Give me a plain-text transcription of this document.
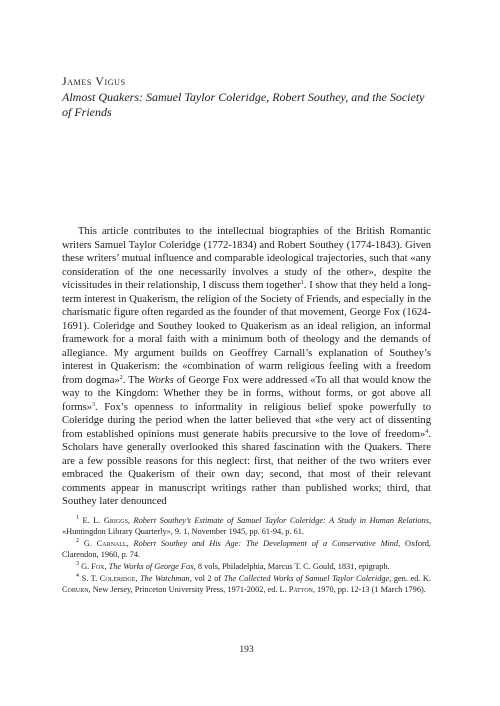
James Vigus
Almost Quakers: Samuel Taylor Coleridge, Robert Southey, and the Society of Friends

This article contributes to the intellectual biographies of the British Romantic writers Samuel Taylor Coleridge (1772-1834) and Robert Southey (1774-1843). Given these writers’ mutual influence and comparable ideological trajectories, such that «any consideration of the one necessarily involves a study of the other», despite the vicissitudes in their relationship, I discuss them together$^1$. I show that they held a long-term interest in Quakerism, the religion of the Society of Friends, and especially in the charismatic figure often regarded as the founder of that movement, George Fox (1624-1691). Coleridge and Southey looked to Quakerism as an ideal religion, an informal framework for a moral faith with a minimum both of theology and the demands of allegiance. My argument builds on Geoffrey Carnall’s explanation of Southey’s interest in Quakerism: the «combination of warm religious feeling with a freedom from dogma»$^2$. The Works of George Fox were addressed «To all that would know the way to the Kingdom: Whether they be in forms, without forms, or got above all forms»$^3$. Fox’s openness to informality in religious belief spoke powerfully to Coleridge during the period when the latter believed that «the very act of dissenting from established opinions must generate habits precursive to the love of freedom»$^4$. Scholars have generally overlooked this shared fascination with the Quakers. There are a few possible reasons for this neglect: first, that neither of the two writers ever embraced the Quakerism of their own day; second, that most of their relevant comments appear in manuscript writings rather than published works; third, that Southey later denounced

$^1$ E. L. Griggs, Robert Southey’s Estimate of Samuel Taylor Coleridge: A Study in Human Relations, «Huntingdon Library Quarterly», 9. 1, November 1945, pp. 61-94, p. 61.

$^2$ G. Carnall, Robert Southey and His Age: The Development of a Conservative Mind, Oxford, Clarendon, 1960, p. 74.

$^3$ G. Fox, The Works of George Fox, 8 vols, Philadelphia, Marcus T. C. Gould, 1831, epigraph.

$^4$ S. T. Coleridge, The Watchman, vol 2 of The Collected Works of Samuel Taylor Coleridge, gen. ed. K. Coburn, New Jersey, Princeton University Press, 1971-2002, ed. L. Patton, 1970, pp. 12-13 (1 March 1796).

193
